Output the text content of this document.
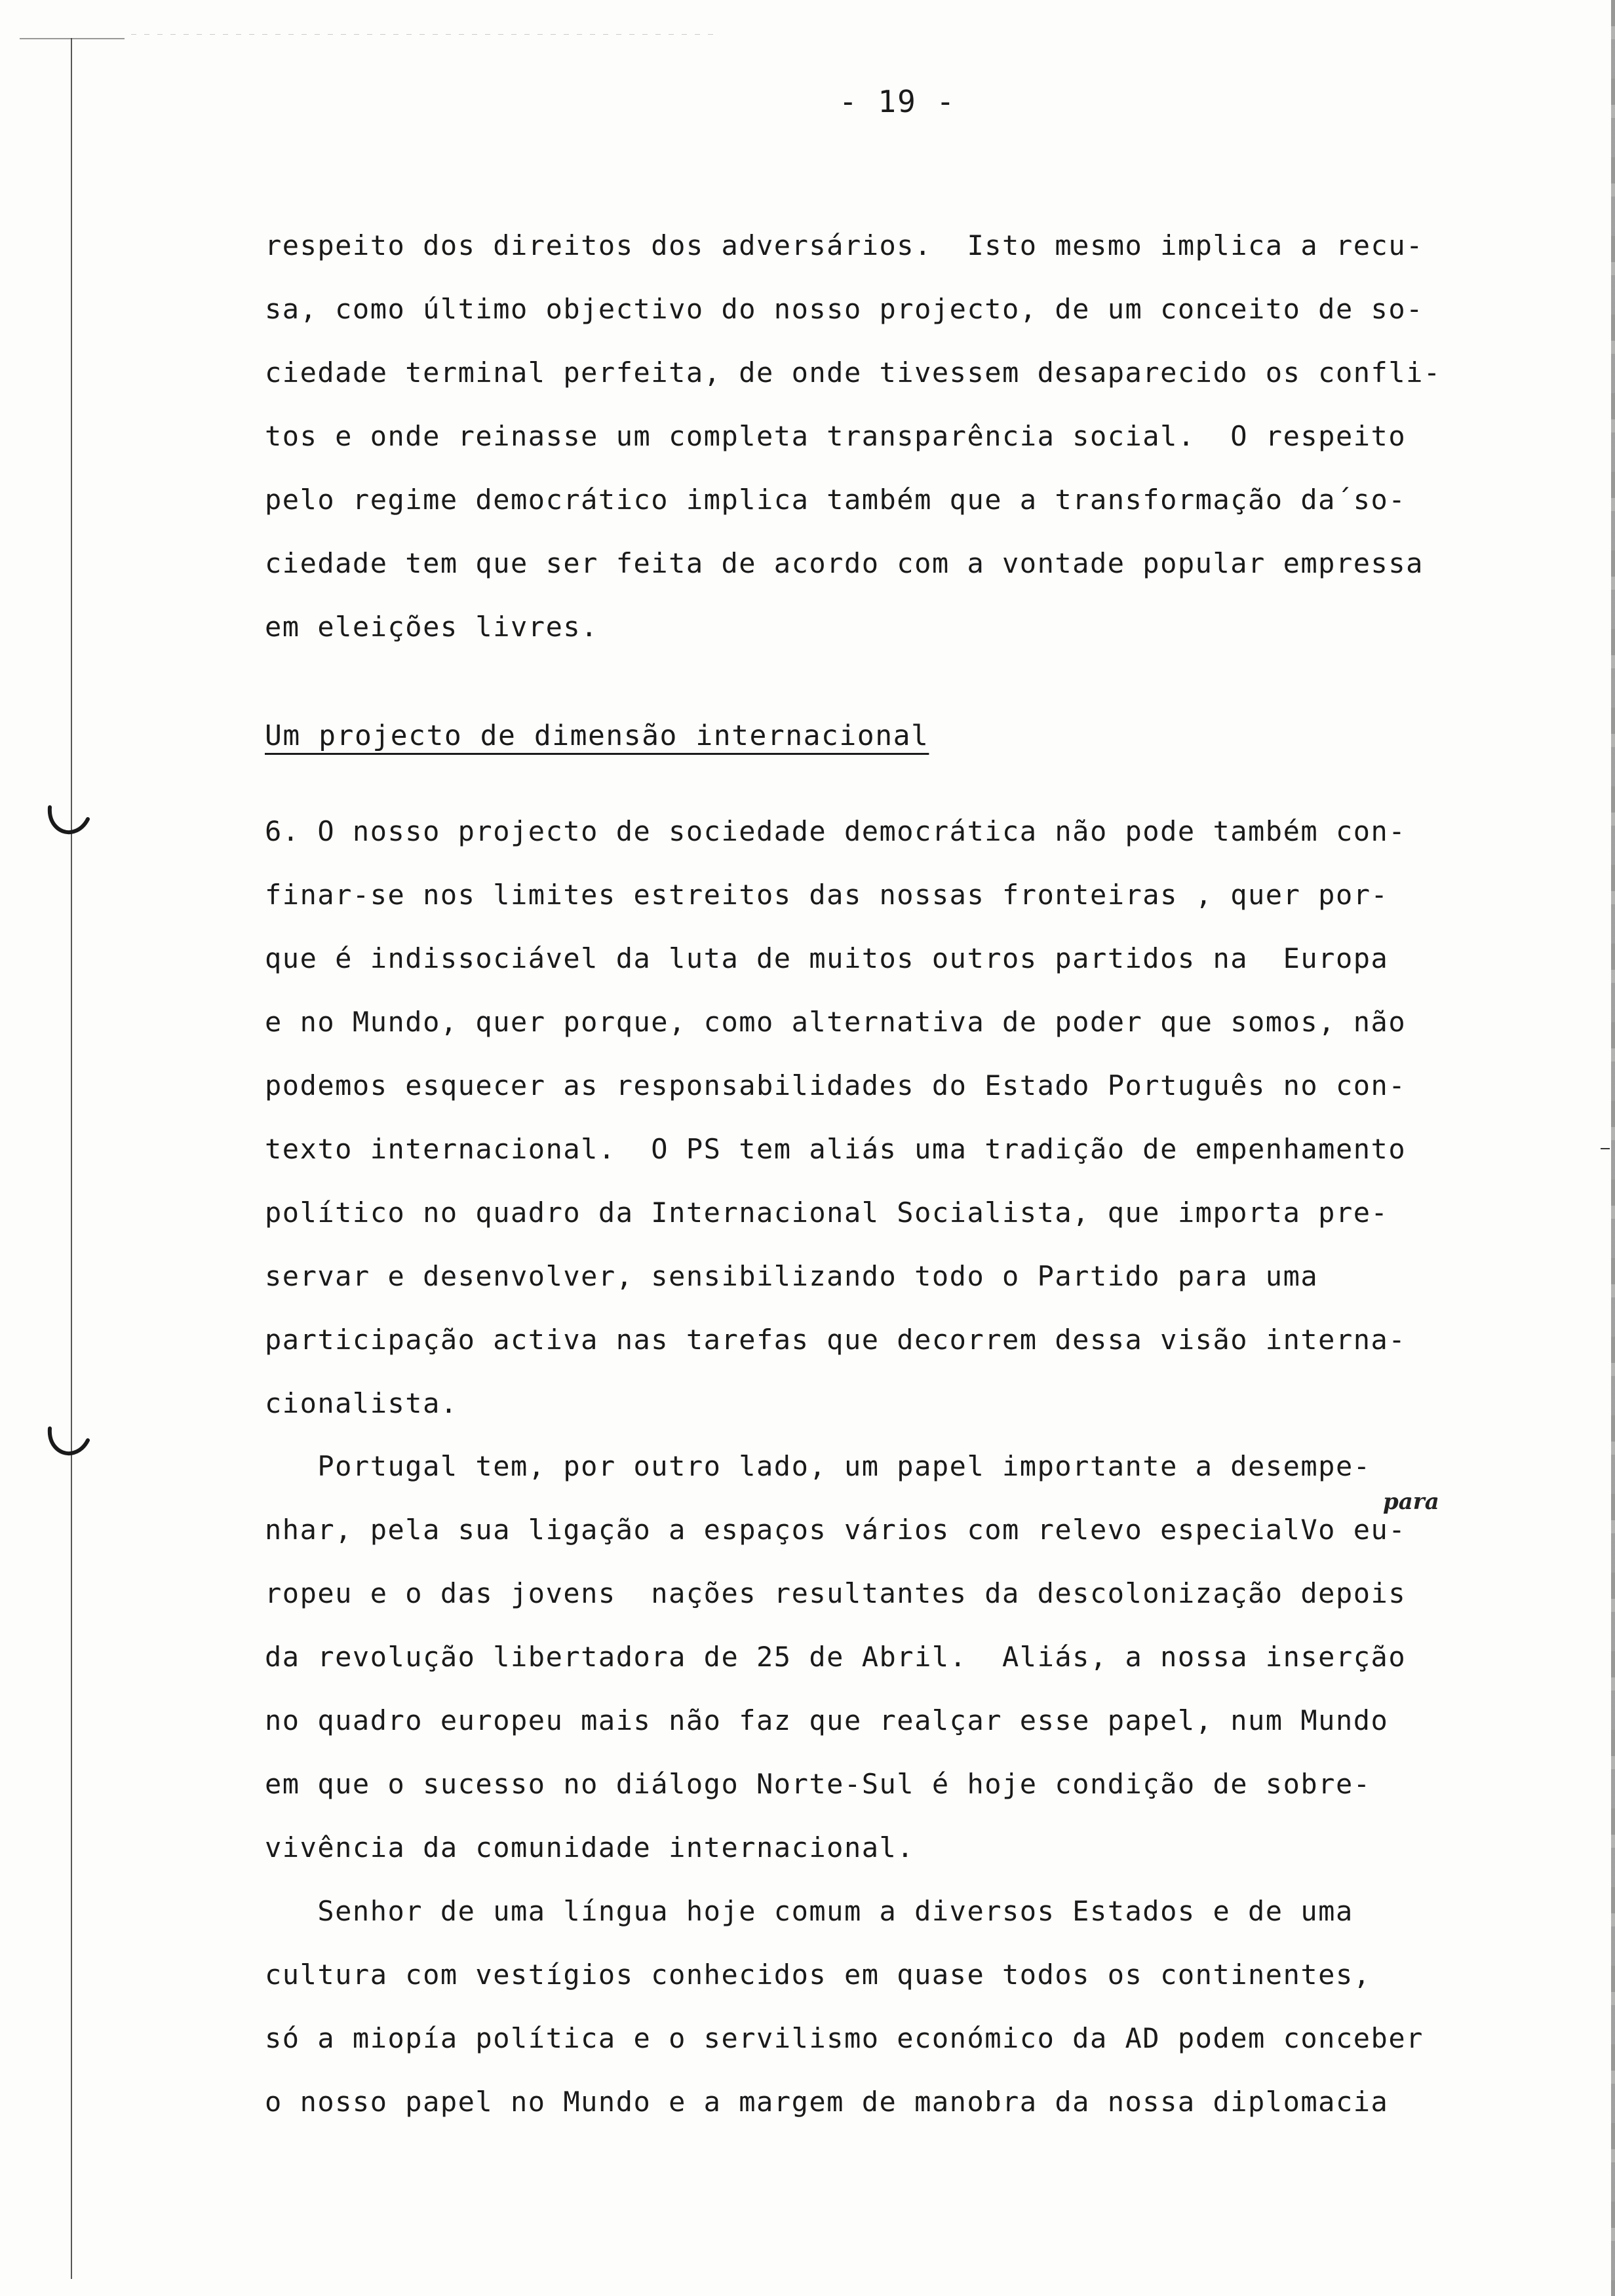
- 19 -
respeito dos direitos dos adversários.  Isto mesmo implica a recu-
sa, como último objectivo do nosso projecto, de um conceito de so-
ciedade terminal perfeita, de onde tivessem desaparecido os confli-
tos e onde reinasse um completa transparência social.  O respeito
pelo regime democrático implica também que a transformação da´so-
ciedade tem que ser feita de acordo com a vontade popular empressa
em eleições livres.
Um projecto de dimensão internacional
6. O nosso projecto de sociedade democrática não pode também con-
finar-se nos limites estreitos das nossas fronteiras , quer por-
que é indissociável da luta de muitos outros partidos na  Europa
e no Mundo, quer porque, como alternativa de poder que somos, não
podemos esquecer as responsabilidades do Estado Português no con-
texto internacional.  O PS tem aliás uma tradição de empenhamento
político no quadro da Internacional Socialista, que importa pre-
servar e desenvolver, sensibilizando todo o Partido para uma
participação activa nas tarefas que decorrem dessa visão interna-
cionalista.
para
Portugal tem, por outro lado, um papel importante a desempe-
nhar, pela sua ligação a espaços vários com relevo especialVo eu-
ropeu e o das jovens  nações resultantes da descolonização depois
da revolução libertadora de 25 de Abril.  Aliás, a nossa inserção
no quadro europeu mais não faz que realçar esse papel, num Mundo
em que o sucesso no diálogo Norte-Sul é hoje condição de sobre-
vivência da comunidade internacional.
Senhor de uma língua hoje comum a diversos Estados e de uma
cultura com vestígios conhecidos em quase todos os continentes,
só a miopía política e o servilismo económico da AD podem conceber
o nosso papel no Mundo e a margem de manobra da nossa diplomacia
